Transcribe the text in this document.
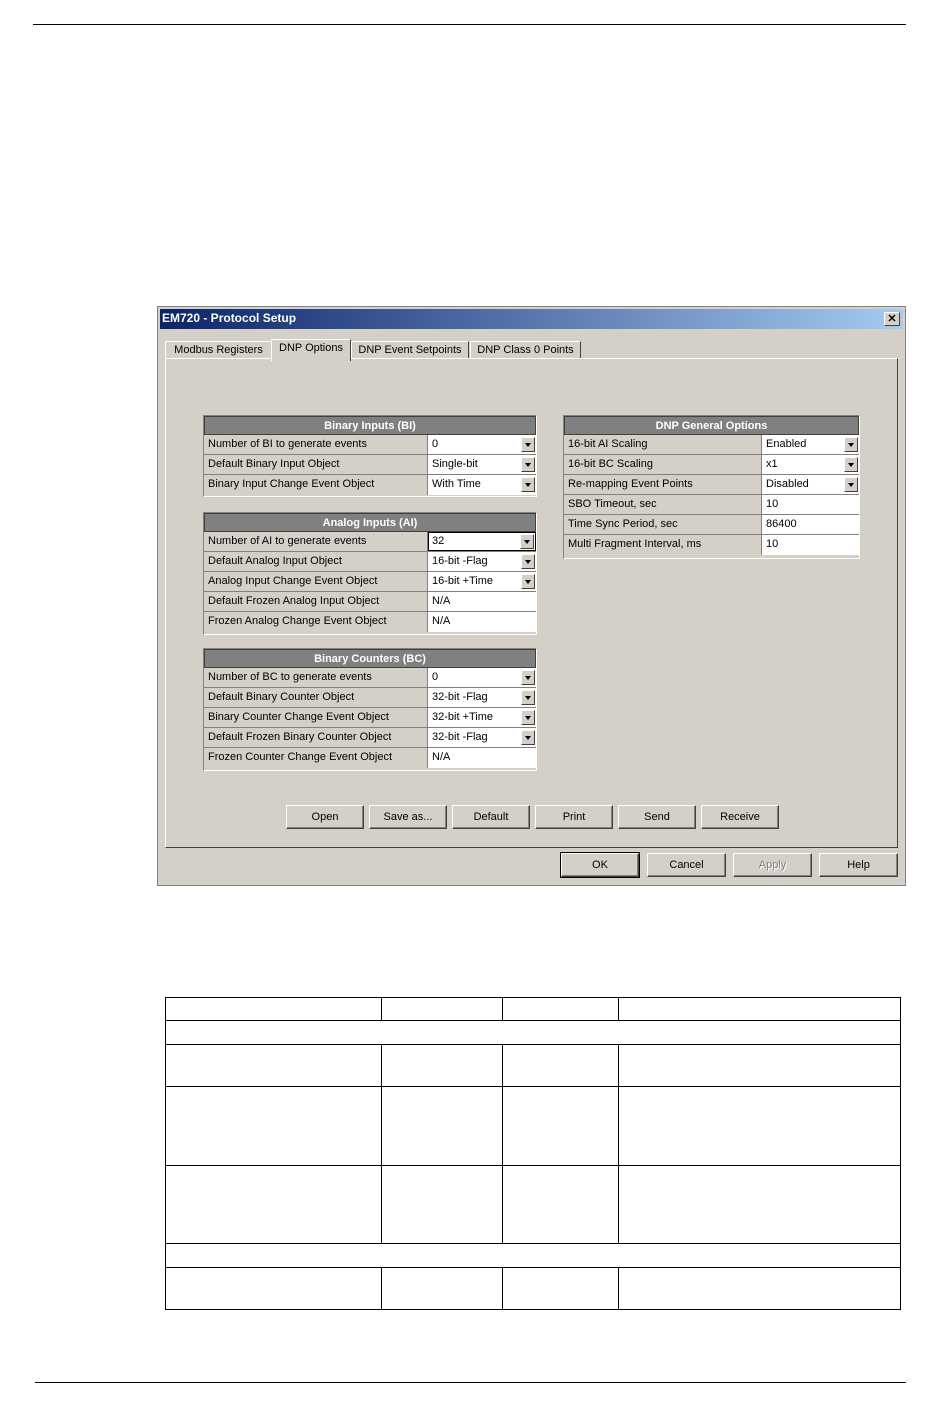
EM720 - Protocol Setup	✕
Modbus Registers	DNP Options	DNP Event Setpoints	DNP Class 0 Points
Binary Inputs (BI)
Number of BI to generate events	0
Default Binary Input Object	Single-bit
Binary Input Change Event Object	With Time
Analog Inputs (AI)
Number of AI to generate events	32
Default Analog Input Object	16-bit -Flag
Analog Input Change Event Object	16-bit +Time
Default Frozen Analog Input Object	N/A
Frozen Analog Change Event Object	N/A
Binary Counters (BC)
Number of BC to generate events	0
Default Binary Counter Object	32-bit -Flag
Binary Counter Change Event Object	32-bit +Time
Default Frozen Binary Counter Object	32-bit -Flag
Frozen Counter Change Event Object	N/A
DNP General Options
16-bit AI Scaling	Enabled
16-bit BC Scaling	x1
Re-mapping Event Points	Disabled
SBO Timeout, sec	10
Time Sync Period, sec	86400
Multi Fragment Interval, ms	10
Open	Save as...	Default	Print	Send	Receive
OK	Cancel	Apply	Help
